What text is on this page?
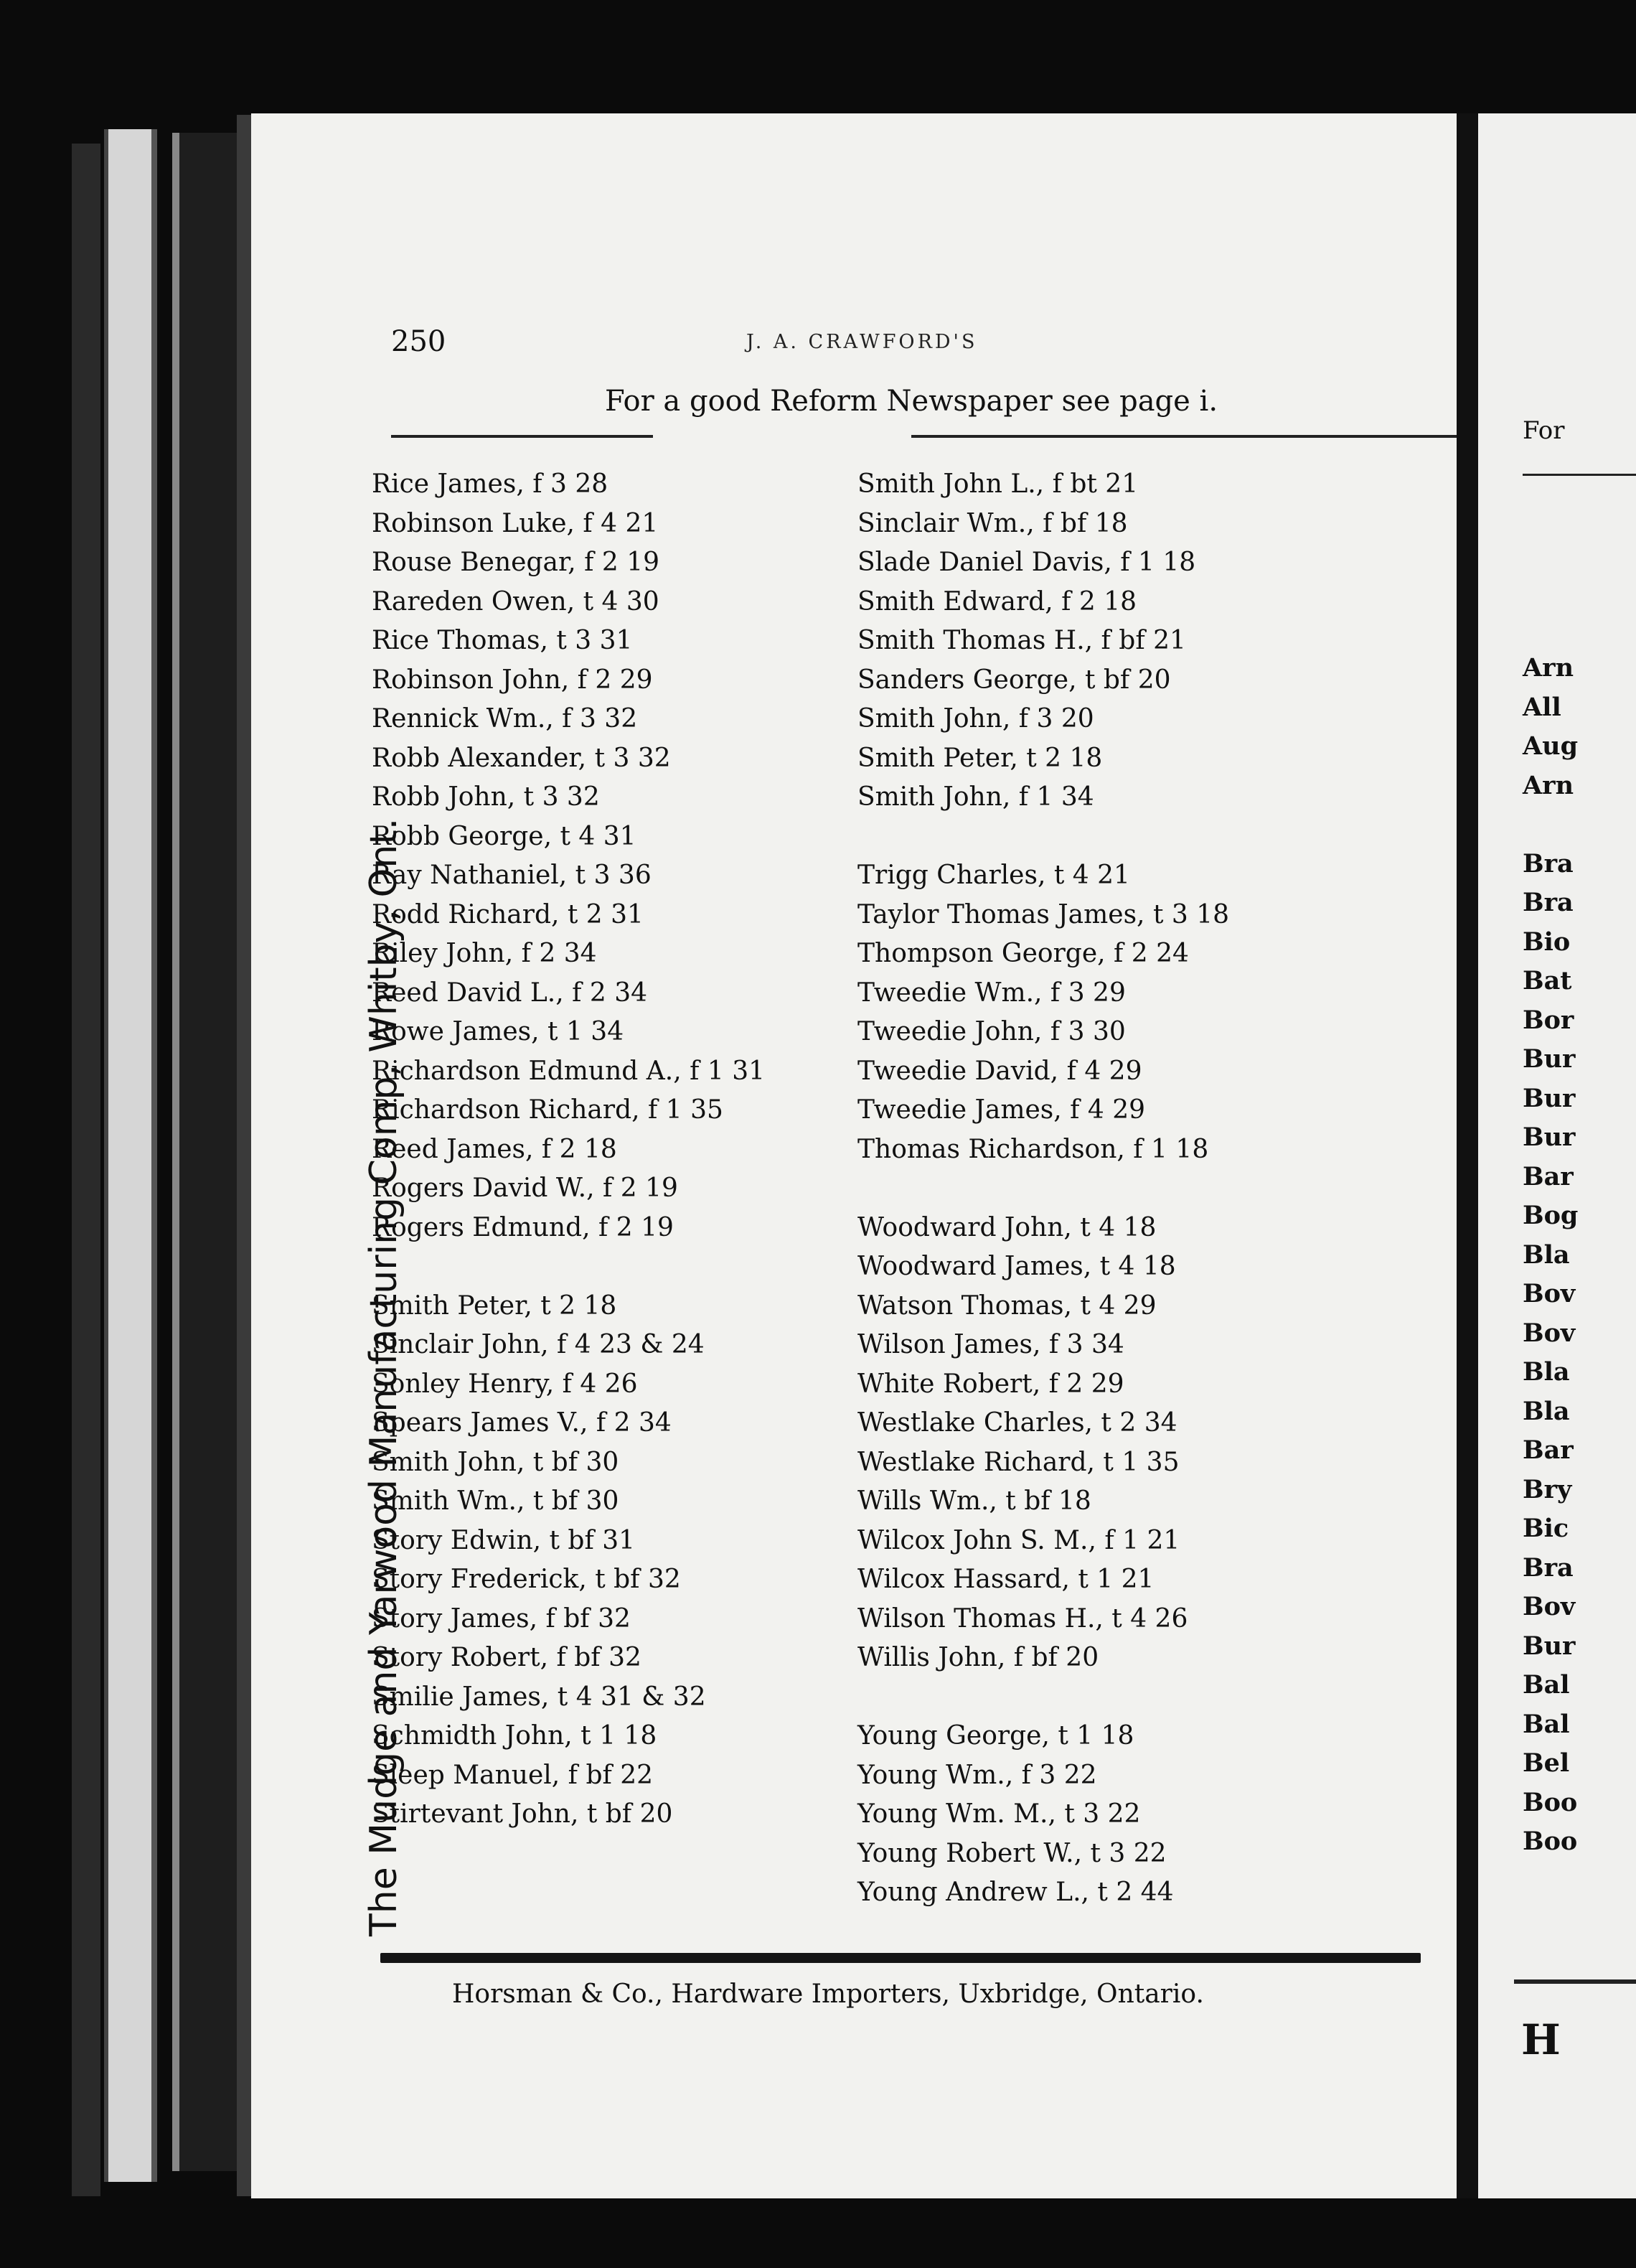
250	J. A. CRAWFORD'S
For a good Reform Newspaper see page i.
The Mudge and Yarwood Manufacturing Comp, Whitby, Ont.
Rice James, f 3 28
Robinson Luke, f 4 21
Rouse Benegar, f 2 19
Rareden Owen, t 4 30
Rice Thomas, t 3 31
Robinson John, f 2 29
Rennick Wm., f 3 32
Robb Alexander, t 3 32
Robb John, t 3 32
Robb George, t 4 31
Ray Nathaniel, t 3 36
Rodd Richard, t 2 31
Riley John, f 2 34
Reed David L., f 2 34
Rowe James, t 1 34
Richardson Edmund A., f 1 31
Richardson Richard, f 1 35
Reed James, f 2 18
Rogers David W., f 2 19
Rogers Edmund, f 2 19
Smith Peter, t 2 18
Sinclair John, f 4 23 & 24
Sonley Henry, f 4 26
Spears James V., f 2 34
Smith John, t bf 30
Smith Wm., t bf 30
Story Edwin, t bf 31
Story Frederick, t bf 32
Story James, f bf 32
Story Robert, f bf 32
Smilie James, t 4 31 & 32
Schmidth John, t 1 18
Sleep Manuel, f bf 22
Stirtevant John, t bf 20
Smith John L., f bt 21
Sinclair Wm., f bf 18
Slade Daniel Davis, f 1 18
Smith Edward, f 2 18
Smith Thomas H., f bf 21
Sanders George, t bf 20
Smith John, f 3 20
Smith Peter, t 2 18
Smith John, f 1 34
Trigg Charles, t 4 21
Taylor Thomas James, t 3 18
Thompson George, f 2 24
Tweedie Wm., f 3 29
Tweedie John, f 3 30
Tweedie David, f 4 29
Tweedie James, f 4 29
Thomas Richardson, f 1 18
Woodward John, t 4 18
Woodward James, t 4 18
Watson Thomas, t 4 29
Wilson James, f 3 34
White Robert, f 2 29
Westlake Charles, t 2 34
Westlake Richard, t 1 35
Wills Wm., t bf 18
Wilcox John S. M., f 1 21
Wilcox Hassard, t 1 21
Wilson Thomas H., t 4 26
Willis John, f bf 20
Young George, t 1 18
Young Wm., f 3 22
Young Wm. M., t 3 22
Young Robert W., t 3 22
Young Andrew L., t 2 44
Horsman & Co., Hardware Importers, Uxbridge, Ontario.
For
Arn
All
Aug
Arn
Bra
Bra
Bio
Bat
Bor
Bur
Bur
Bur
Bar
Bog
Bla
Bov
Bov
Bla
Bla
Bar
Bry
Bic
Bra
Bov
Bur
Bal
Bal
Bel
Boo
Boo
H
